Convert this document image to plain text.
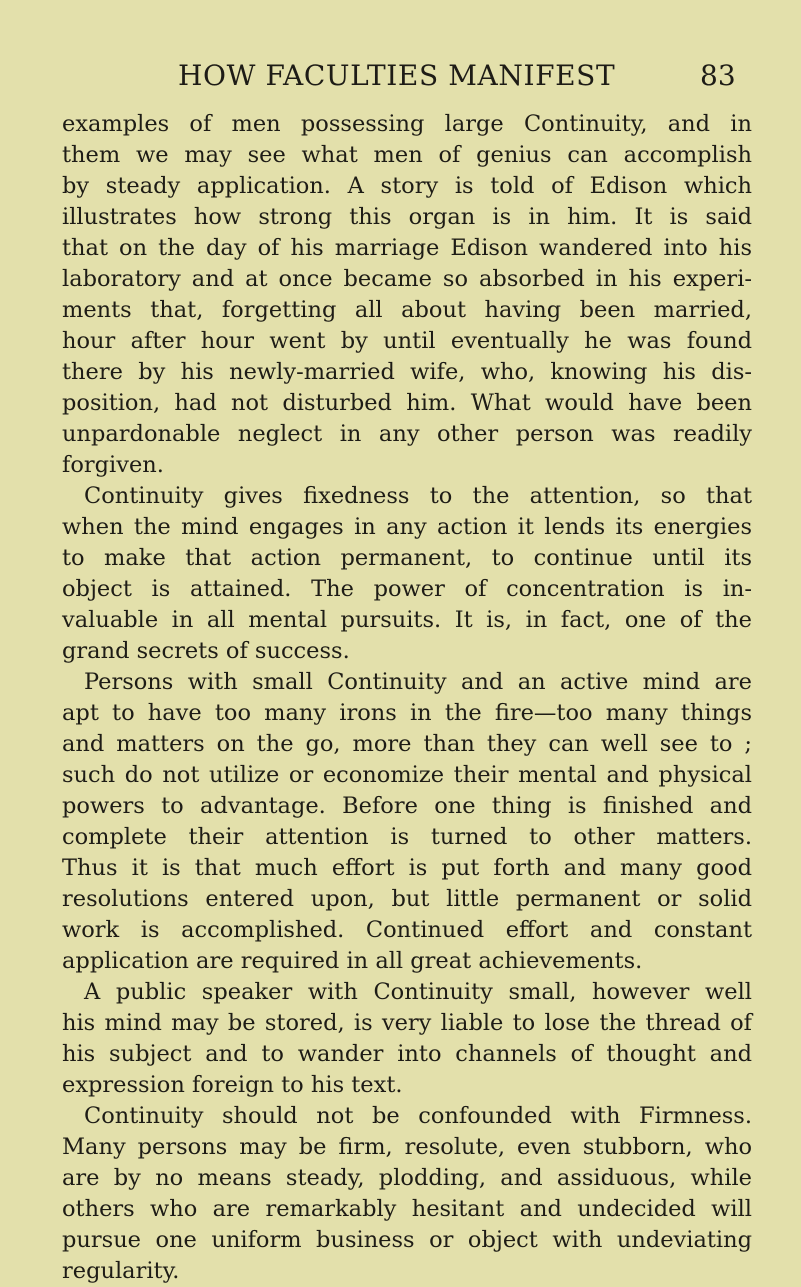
HOW FACULTIES MANIFEST	83
examples of men possessing large Continuity, and in
them we may see what men of genius can accomplish
by steady application. A story is told of Edison which
illustrates how strong this organ is in him. It is said
that on the day of his marriage Edison wandered into his
laboratory and at once became so absorbed in his experi-
ments that, forgetting all about having been married,
hour after hour went by until eventually he was found
there by his newly-married wife, who, knowing his dis-
position, had not disturbed him. What would have been
unpardonable neglect in any other person was readily
forgiven.
Continuity gives fixedness to the attention, so that
when the mind engages in any action it lends its energies
to make that action permanent, to continue until its
object is attained. The power of concentration is in-
valuable in all mental pursuits. It is, in fact, one of the
grand secrets of success.
Persons with small Continuity and an active mind are
apt to have too many irons in the fire—too many things
and matters on the go, more than they can well see to ;
such do not utilize or economize their mental and physical
powers to advantage. Before one thing is finished and
complete their attention is turned to other matters.
Thus it is that much effort is put forth and many good
resolutions entered upon, but little permanent or solid
work is accomplished. Continued effort and constant
application are required in all great achievements.
A public speaker with Continuity small, however well
his mind may be stored, is very liable to lose the thread of
his subject and to wander into channels of thought and
expression foreign to his text.
Continuity should not be confounded with Firmness.
Many persons may be firm, resolute, even stubborn, who
are by no means steady, plodding, and assiduous, while
others who are remarkably hesitant and undecided will
pursue one uniform business or object with undeviating
regularity.
